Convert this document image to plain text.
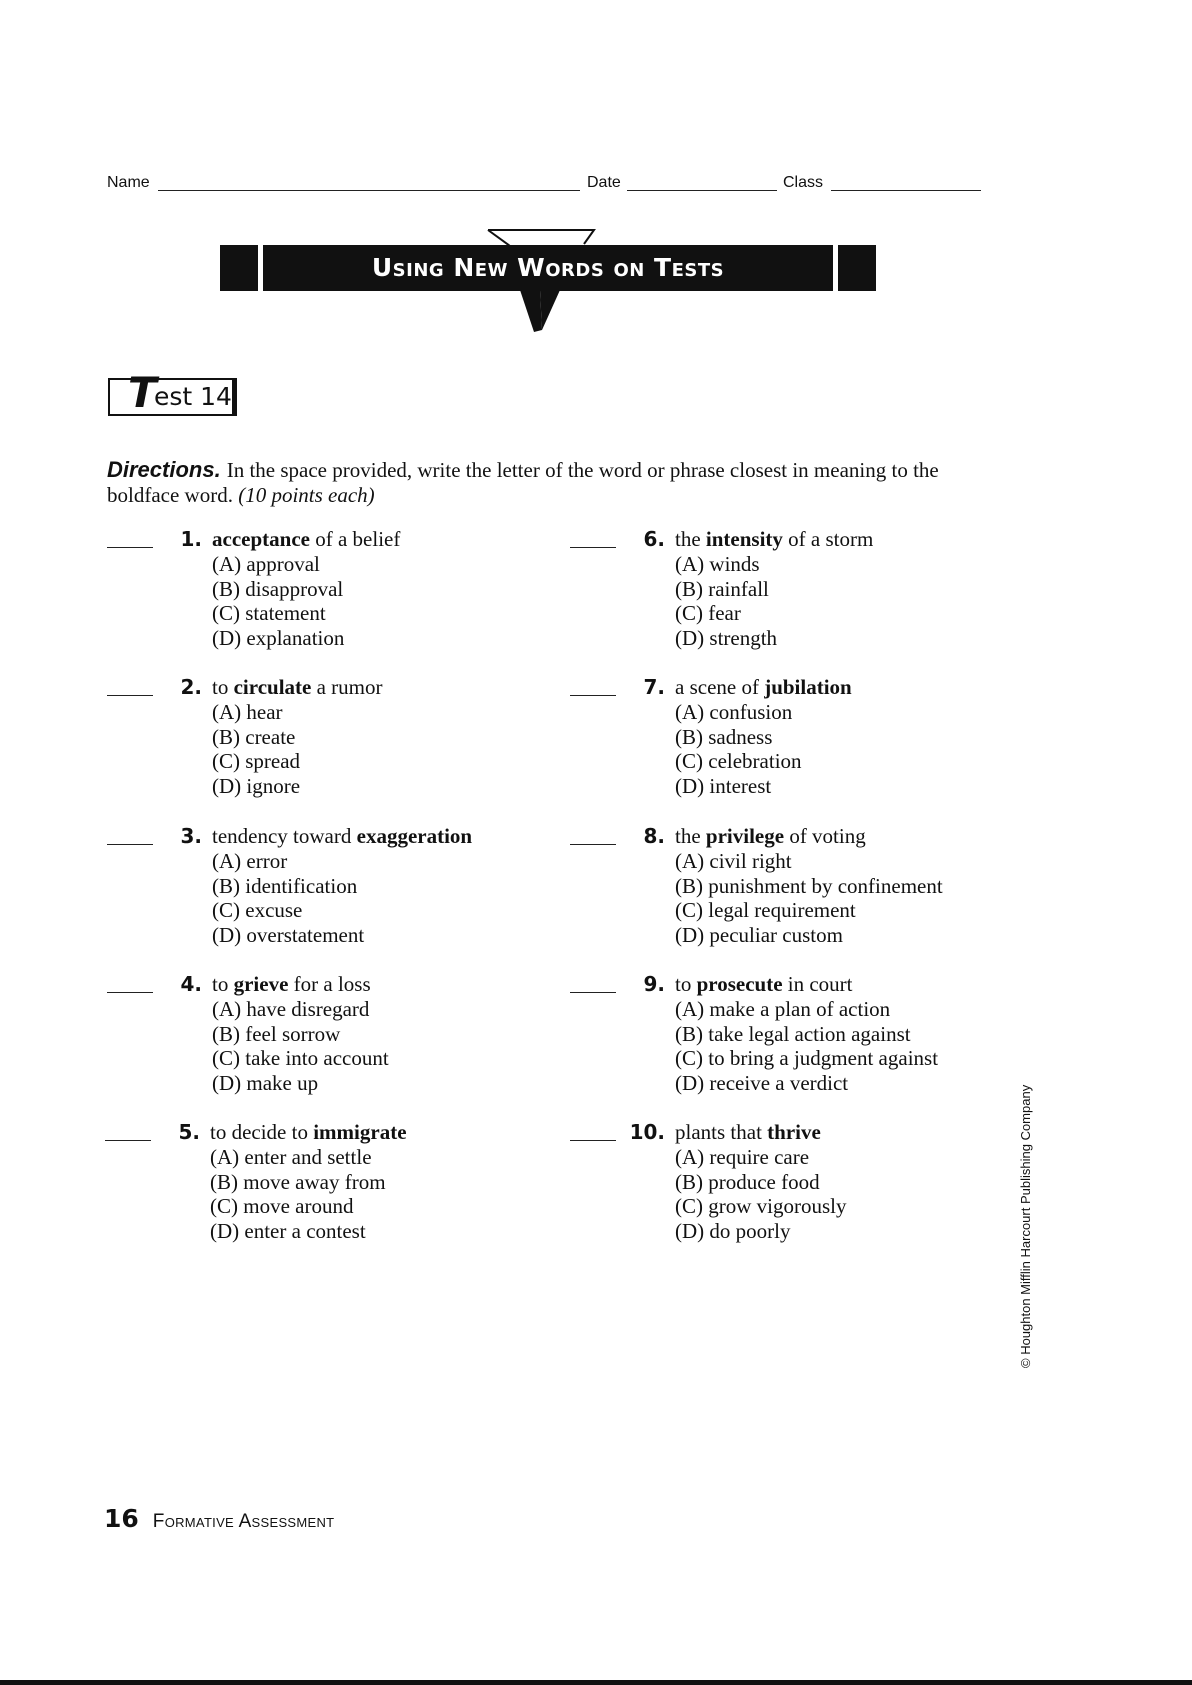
Name	Date	Class
Using New Words on Tests
T
est 14
Directions. In the space provided, write the letter of the word or phrase closest in meaning to the boldface word. (10 points each)
1. acceptance of a belief
(A) approval
(B) disapproval
(C) statement
(D) explanation
2. to circulate a rumor
(A) hear
(B) create
(C) spread
(D) ignore
3. tendency toward exaggeration
(A) error
(B) identification
(C) excuse
(D) overstatement
4. to grieve for a loss
(A) have disregard
(B) feel sorrow
(C) take into account
(D) make up
5. to decide to immigrate
(A) enter and settle
(B) move away from
(C) move around
(D) enter a contest
6. the intensity of a storm
(A) winds
(B) rainfall
(C) fear
(D) strength
7. a scene of jubilation
(A) confusion
(B) sadness
(C) celebration
(D) interest
8. the privilege of voting
(A) civil right
(B) punishment by confinement
(C) legal requirement
(D) peculiar custom
9. to prosecute in court
(A) make a plan of action
(B) take legal action against
(C) to bring a judgment against
(D) receive a verdict
10. plants that thrive
(A) require care
(B) produce food
(C) grow vigorously
(D) do poorly	© Houghton Mifflin Harcourt Publishing Company
16 Formative Assessment
